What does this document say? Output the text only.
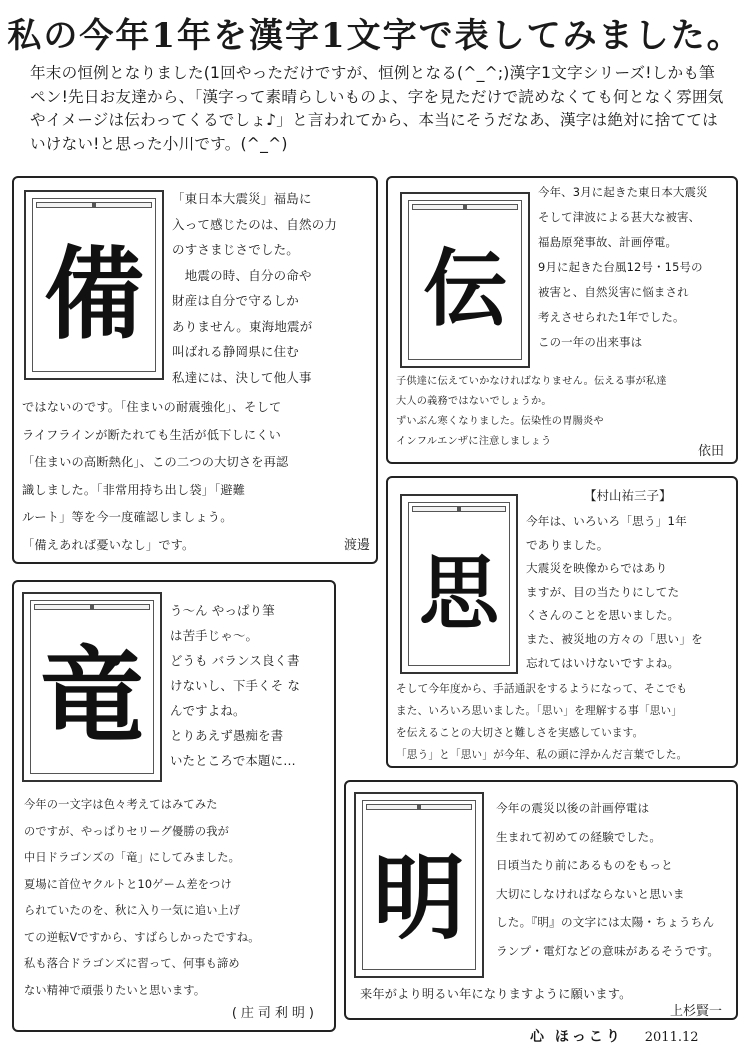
私の今年1年を漢字1文字で表してみました。
年末の恒例となりました(1回やっただけですが、恒例となる(^_^;)漢字1文字シリーズ!しかも筆ペン!先日お友達から、「漢字って素晴らしいものよ、字を見ただけで読めなくても何となく雰囲気やイメージは伝わってくるでしょ♪」と言われてから、本当にそうだなあ、漢字は絶対に捨ててはいけない!と思った小川です。(^_^)
備
「東日本大震災」福島に
入って感じたのは、自然の力
のすさまじさでした。
　地震の時、自分の命や
財産は自分で守るしか
ありません。東海地震が
叫ばれる静岡県に住む
私達には、決して他人事
ではないのです。「住まいの耐震強化」、そして
ライフラインが断たれても生活が低下しにくい
「住まいの高断熱化」、この二つの大切さを再認
識しました。「非常用持ち出し袋」「避難
ルート」等を今一度確認しましょう。
「備えあれば憂いなし」です。	渡邊
伝
今年、3月に起きた東日本大震災
そして津波による甚大な被害、
福島原発事故、計画停電。
9月に起きた台風12号・15号の
被害と、自然災害に悩まされ
考えさせられた1年でした。
この一年の出来事は
子供達に伝えていかなければなりません。伝える事が私達
大人の義務ではないでしょうか。
ずいぶん寒くなりました。伝染性の胃腸炎や
インフルエンザに注意しましょう
依田
思
【村山祐三子】
今年は、いろいろ「思う」1年
でありました。
大震災を映像からではあり
ますが、目の当たりにしてた
くさんのことを思いました。
また、被災地の方々の「思い」を
忘れてはいけないですよね。
そして今年度から、手話通訳をするようになって、そこでも
また、いろいろ思いました。「思い」を理解する事「思い」
を伝えることの大切さと難しさを実感しています。
「思う」と「思い」が今年、私の頭に浮かんだ言葉でした。
竜
う～ん やっぱり筆
は苦手じゃ～。
どうも バランス良く書
けないし、下手くそ な
んですよね。
とりあえず愚痴を書
いたところで本題に…
今年の一文字は色々考えてはみてみた
のですが、やっぱりセリーグ優勝の我が
中日ドラゴンズの「竜」にしてみました。
夏場に首位ヤクルトと10ゲーム差をつけ
られていたのを、秋に入り一気に追い上げ
ての逆転Vですから、すばらしかったですね。
私も落合ドラゴンズに習って、何事も諦め
ない精神で頑張りたいと思います。
(庄司利明)
明
今年の震災以後の計画停電は
生まれて初めての経験でした。
日頃当たり前にあるものをもっと
大切にしなければならないと思いま
した。『明』の文字には太陽・ちょうちん
ランプ・電灯などの意味があるそうです。
来年がより明るい年になりますように願います。
上杉賢一
心 ほっこり 2011.12
